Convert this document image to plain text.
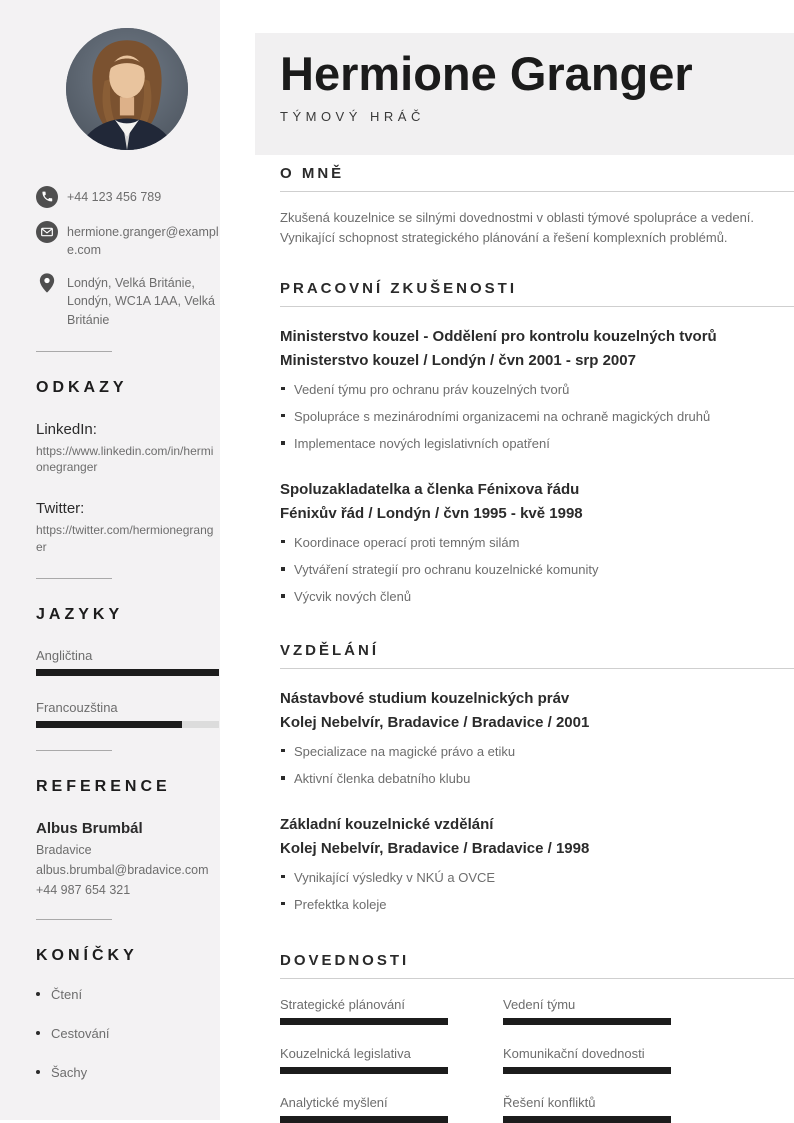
+44 123 456 789
hermione.granger@example.com
Londýn, Velká Británie, Londýn, WC1A 1AA, Velká Británie
ODKAZY
LinkedIn:
https://www.linkedin.com/in/hermionegranger
Twitter:
https://twitter.com/hermionegranger
JAZYKY
Angličtina
Francouzština
REFERENCE
Albus Brumbál
Bradavice
albus.brumbal@bradavice.com
+44 987 654 321
KONÍČKY
Čtení
Cestování
Šachy
Hermione Granger
TÝMOVÝ HRÁČ
O MNĚ

Zkušená kouzelnice se silnými dovednostmi v oblasti týmové spolupráce a vedení. Vynikající schopnost strategického plánování a řešení komplexních problémů.

PRACOVNÍ ZKUŠENOSTI
Ministerstvo kouzel - Oddělení pro kontrolu kouzelných tvorů
Ministerstvo kouzel / Londýn / čvn 2001 - srp 2007
Vedení týmu pro ochranu práv kouzelných tvorů
Spolupráce s mezinárodními organizacemi na ochraně magických druhů
Implementace nových legislativních opatření
Spoluzakladatelka a členka Fénixova řádu
Fénixův řád / Londýn / čvn 1995 - kvě 1998
Koordinace operací proti temným silám
Vytváření strategií pro ochranu kouzelnické komunity
Výcvik nových členů
VZDĚLÁNÍ
Nástavbové studium kouzelnických práv
Kolej Nebelvír, Bradavice / Bradavice / 2001
Specializace na magické právo a etiku
Aktivní členka debatního klubu
Základní kouzelnické vzdělání
Kolej Nebelvír, Bradavice / Bradavice / 1998
Vynikající výsledky v NKÚ a OVCE
Prefektka koleje
DOVEDNOSTI
Strategické plánování	Vedení týmu
Kouzelnická legislativa	Komunikační dovednosti
Analytické myšlení	Řešení konfliktů
